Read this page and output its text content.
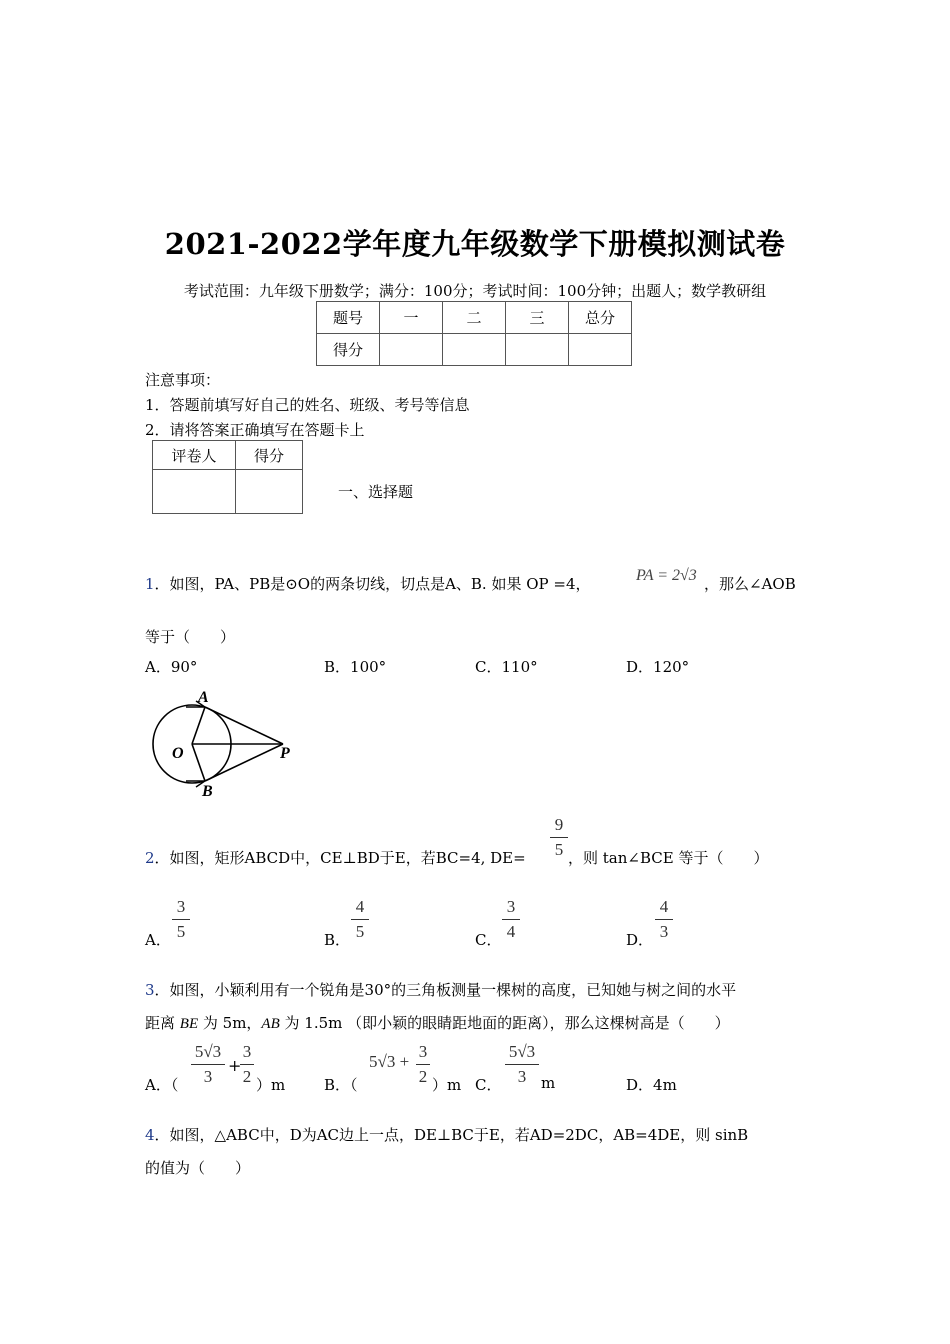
2021-2022学年度九年级数学下册模拟测试卷
考试范围：九年级下册数学；满分：100分；考试时间：100分钟；出题人；数学教研组
题号	一	二	三	总分
得分				
注意事项：
1．答题前填写好自己的姓名、班级、考号等信息
2．请将答案正确填写在答题卡上
评卷人	得分

一、选择题
1．如图，PA、PB是⊙O的两条切线，切点是A、B. 如果 OP =4，	PA = 2√3 ，那么∠AOB
等于（　　）
A．90°	B．100°	C．110°	D．120°
A
O	P
B
2．如图，矩形ABCD中，CE⊥BD于E，若BC=4, DE=
9
5 ，则 tan∠BCE 等于（　　）
A．
3
5	B．
4
5	C．
3
4	D．
4
3
3．如图，小颖利用有一个锐角是30°的三角板测量一棵树的高度，已知她与树之间的水平
距离 BE 为 5m，AB 为 1.5m （即小颖的眼睛距地面的距离），那么这棵树高是（　　）
A．（
5√3
3
+
3
2 ）m	B．（
5√3 +
3
2 ）m C．
5√3
3 m	D．4m
4．如图，△ABC中，D为AC边上一点，DE⊥BC于E，若AD=2DC，AB=4DE，则 sinB
的值为（　　）
